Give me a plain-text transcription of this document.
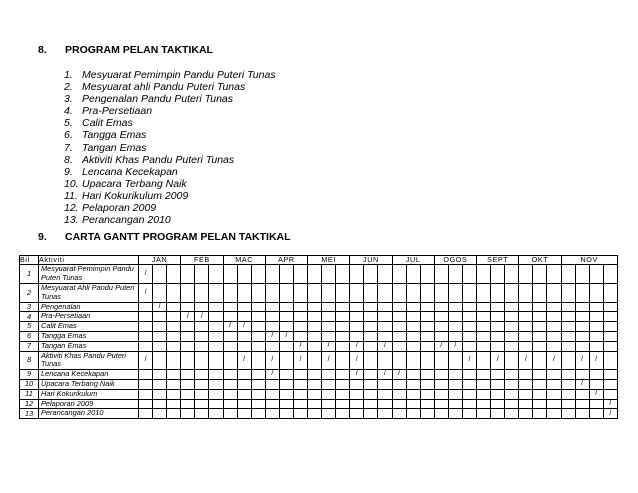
8. PROGRAM PELAN TAKTIKAL
1. Mesyuarat Pemimpin Pandu Puteri Tunas
2. Mesyuarat ahli Pandu Puteri Tunas
3. Pengenalan Pandu Puteri Tunas
4. Pra-Persetiaan
5. Calit Emas
6. Tangga Emas
7. Tangan Emas
8. Aktiviti Khas Pandu Puteri Tunas
9. Lencana Kecekapan
10. Upacara Terbang Naik
11. Hari Kokurikulum 2009
12. Pelaporan 2009
13. Perancangan 2010
9. CARTA GANTT PROGRAM PELAN TAKTIKAL
Bil	Aktiviti	JAN			FEB			MAC			APR			MEI			JUN			JUL			OGOS			SEPT			OKT			NOV			
1	Mesyuarat Pemimpin Pandu Puteri Tunas	/																																	
2	Mesyuarat Ahli Pandu Puteri Tunas	/																																	
3	Pengenalan		/																																
4	Pra-Persetiaan				/	/																													
5	Calit Emas							/	/																										
6	Tangga Emas										/	/																							
7	Tangan Emas												/		/		/		/				/	/											
8	Aktiviti Khas Pandu Puteri Tunas	/							/		/		/		/		/								/		/		/		/		/	/	
9	Lencana Kecekapan										/						/		/	/															
10	Upacara Terbang Naik																																/		
11	Hari Kokurikulum																																	/	
12	Pelaporan 2009																																		/
13	Perancangan 2010																																		/
